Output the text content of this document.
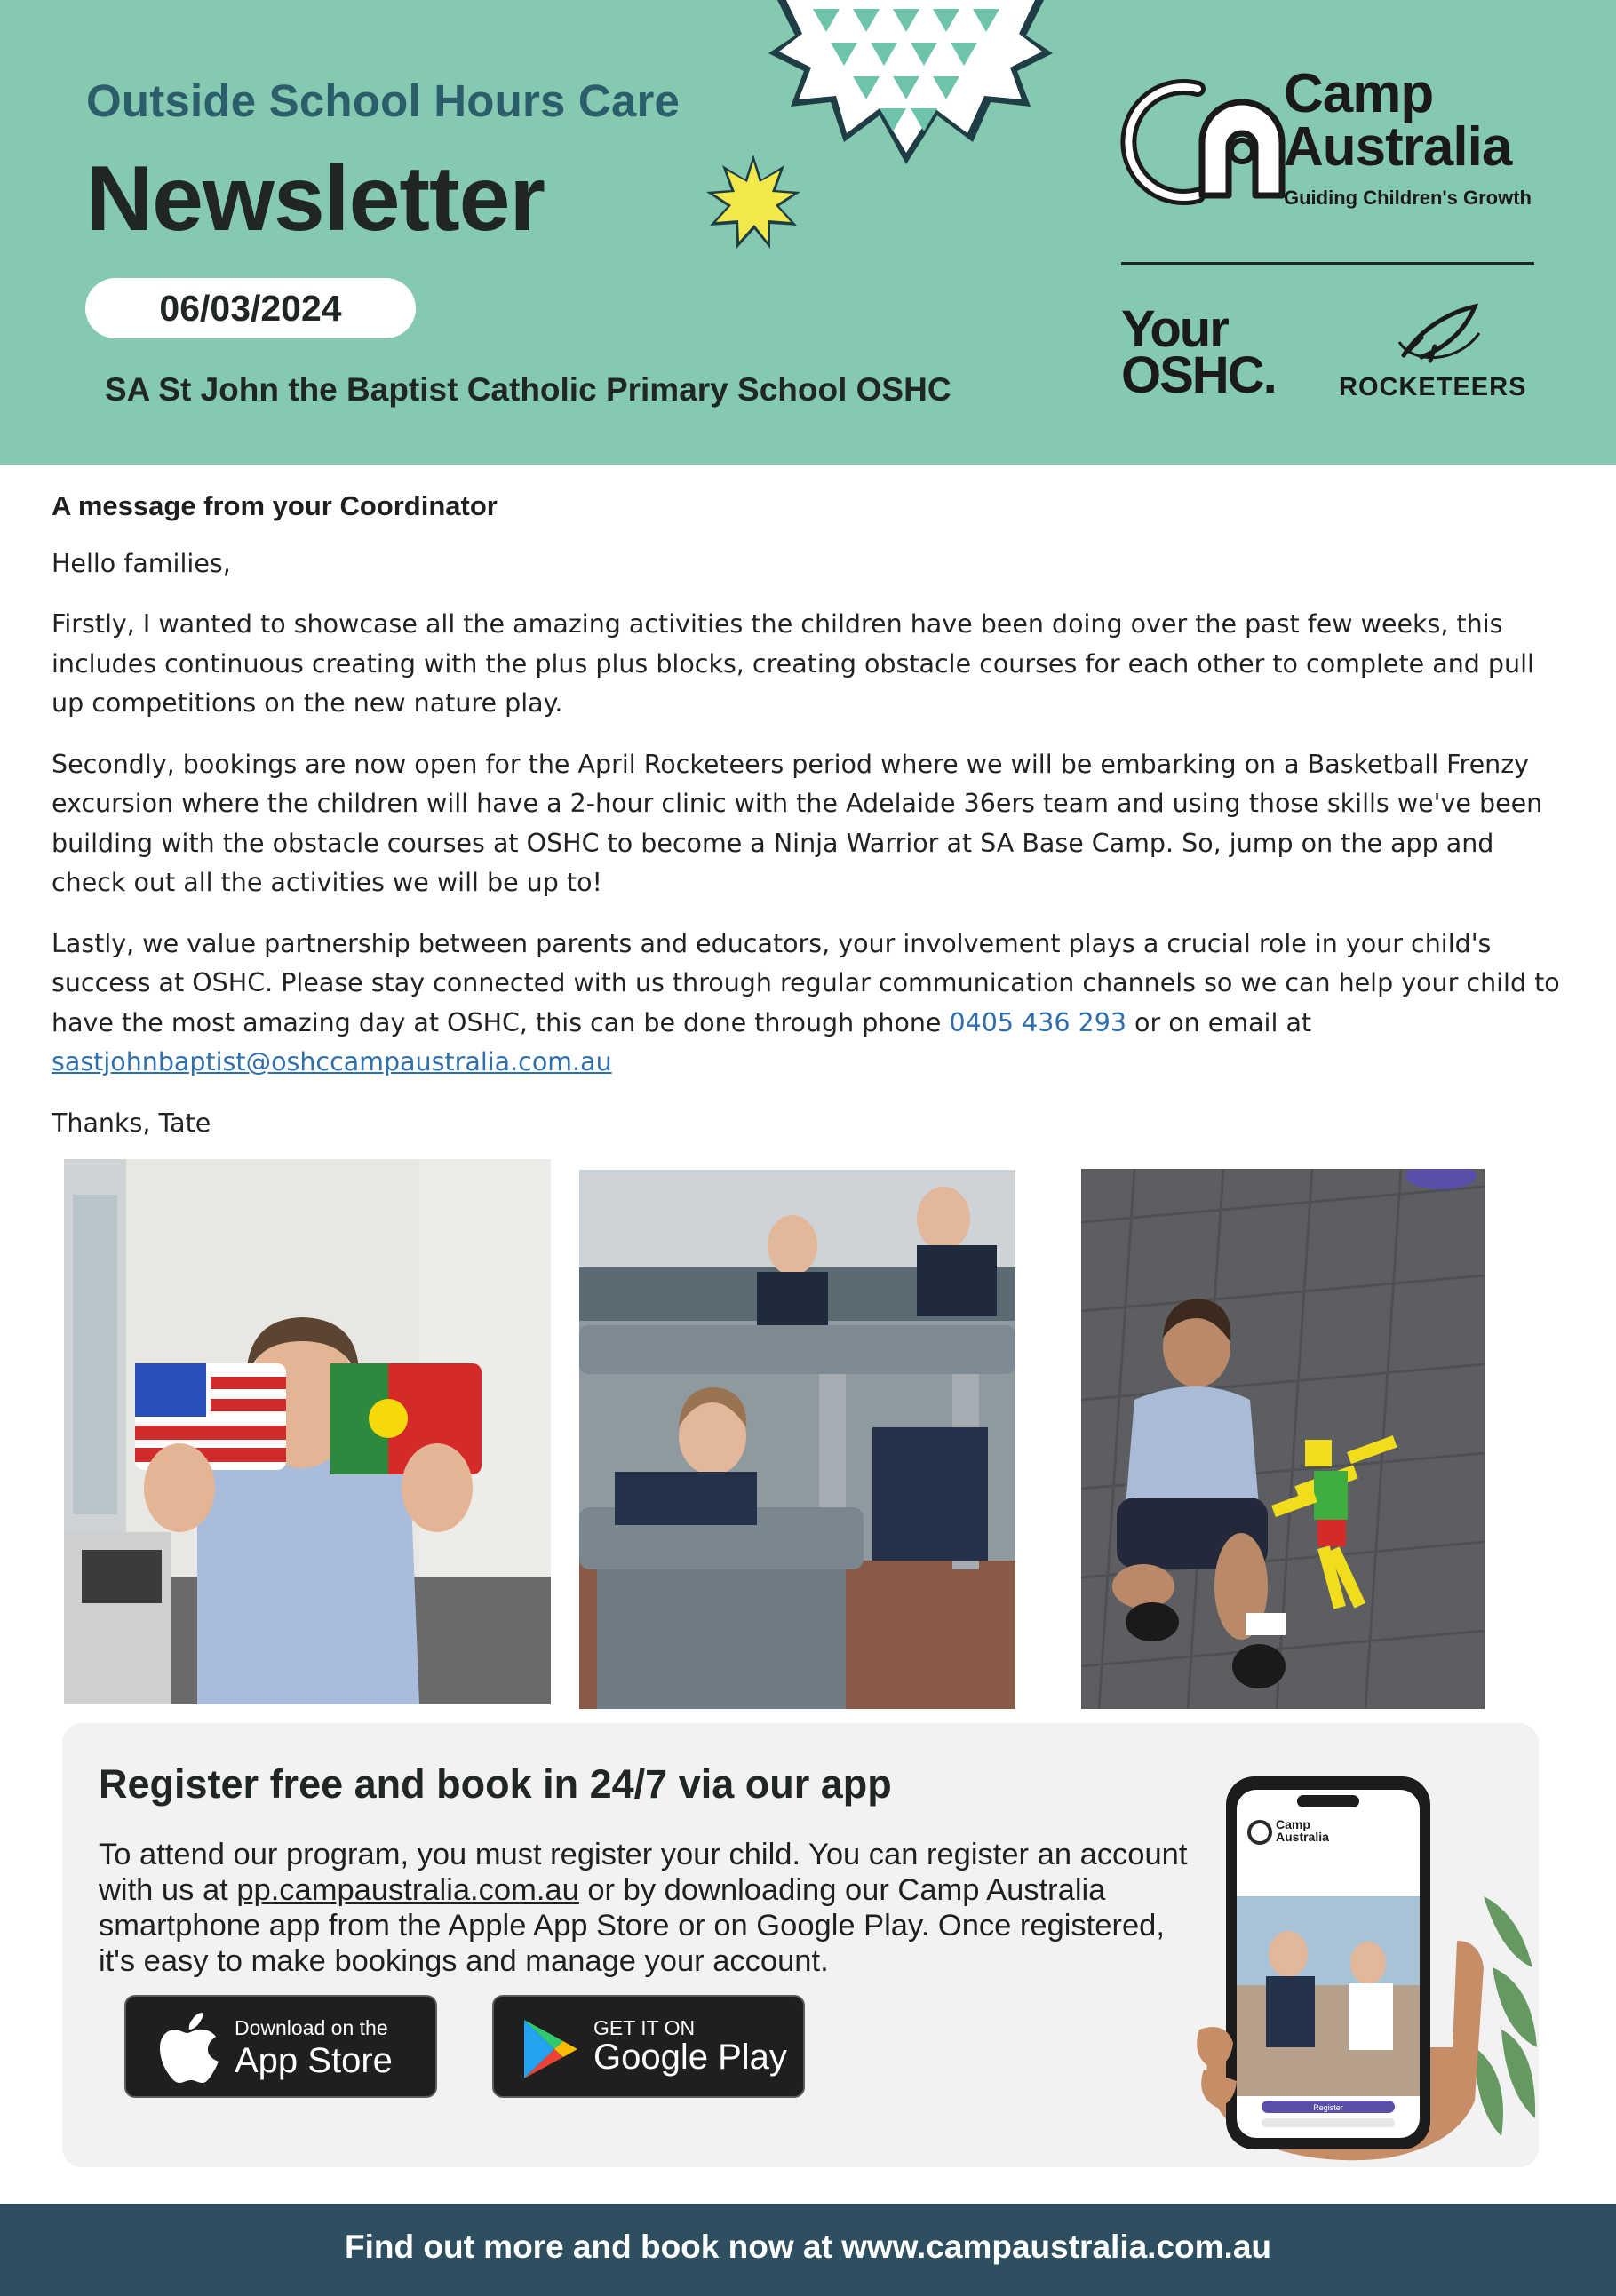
Outside School Hours Care
Newsletter
06/03/2024
SA St John the Baptist Catholic Primary School OSHC
Camp
Australia
Guiding Children's Growth
Your
OSHC. ROCKETEERS
A message from your Coordinator

Hello families,

Firstly, I wanted to showcase all the amazing activities the children have been doing over the past few weeks, this includes continuous creating with the plus plus blocks, creating obstacle courses for each other to complete and pull up competitions on the new nature play.

Secondly, bookings are now open for the April Rocketeers period where we will be embarking on a Basketball Frenzy excursion where the children will have a 2-hour clinic with the Adelaide 36ers team and using those skills we've been building with the obstacle courses at OSHC to become a Ninja Warrior at SA Base Camp. So, jump on the app and check out all the activities we will be up to!

Lastly, we value partnership between parents and educators, your involvement plays a crucial role in your child's success at OSHC. Please stay connected with us through regular communication channels so we can help your child to have the most amazing day at OSHC, this can be done through phone 0405 436 293 or on email at
sastjohnbaptist@oshccampaustralia.com.au

Thanks, Tate

Register free and book in 24/7 via our app
To attend our program, you must register your child. You can register an account with us at pp.campaustralia.com.au or by downloading our Camp Australia smartphone app from the Apple App Store or on Google Play. Once registered, it's easy to make bookings and manage your account.
Download on the
App Store
GET IT ON
Google Play
Camp
Australia
Register
Find out more and book now at www.campaustralia.com.au
